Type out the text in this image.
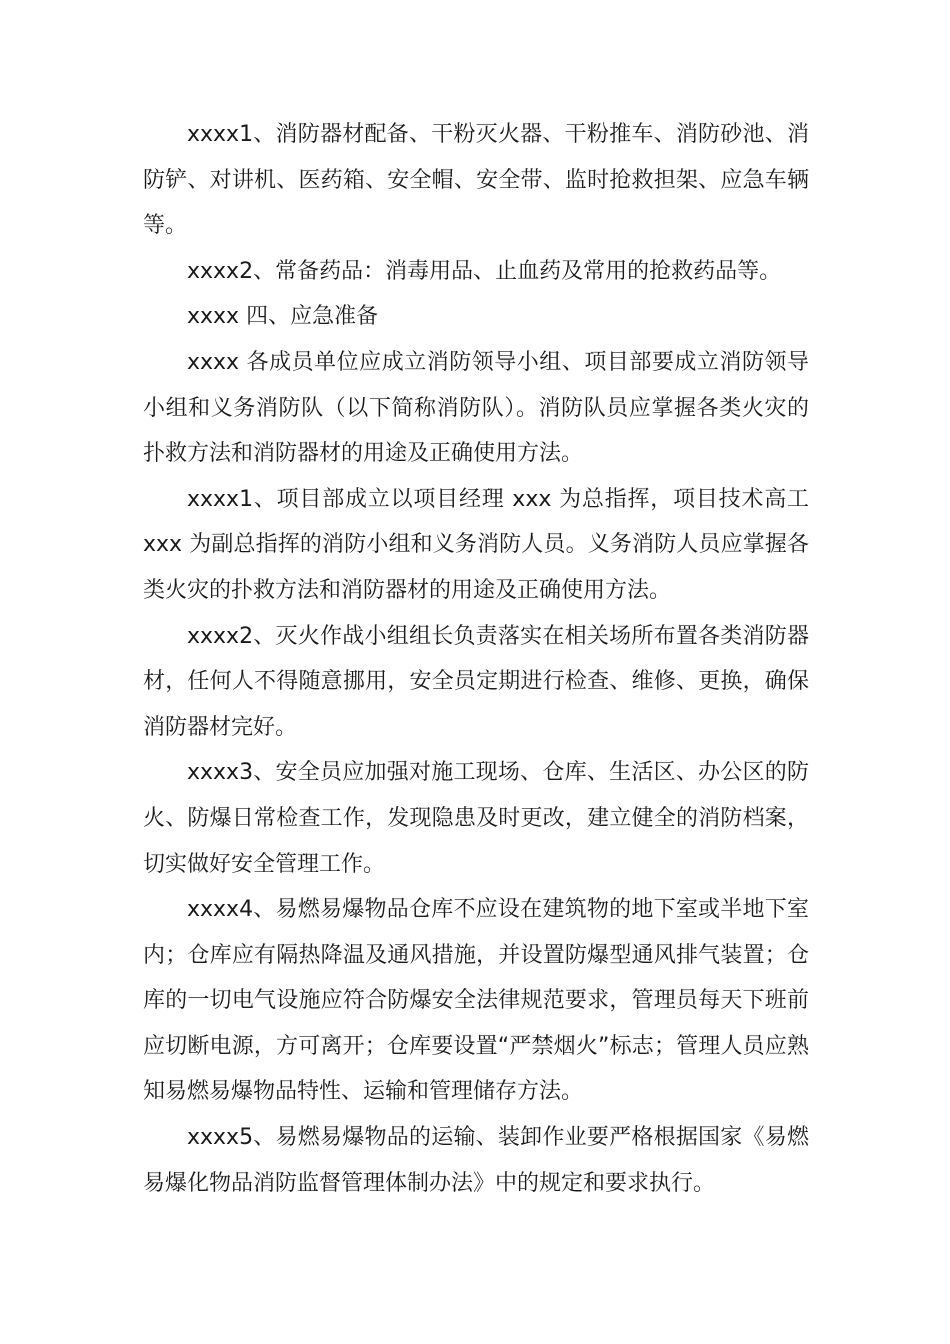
xxxx1、消防器材配备、干粉灭火器、干粉推车、消防砂池、消防铲、对讲机、医药箱、安全帽、安全带、监时抢救担架、应急车辆等。

xxxx2、常备药品：消毒用品、止血药及常用的抢救药品等。

xxxx 四、应急准备

xxxx 各成员单位应成立消防领导小组、项目部要成立消防领导小组和义务消防队（以下简称消防队）。消防队员应掌握各类火灾的扑救方法和消防器材的用途及正确使用方法。

xxxx1、项目部成立以项目经理 xxx 为总指挥，项目技术高工 xxx 为副总指挥的消防小组和义务消防人员。义务消防人员应掌握各类火灾的扑救方法和消防器材的用途及正确使用方法。

xxxx2、灭火作战小组组长负责落实在相关场所布置各类消防器材，任何人不得随意挪用，安全员定期进行检查、维修、更换，确保消防器材完好。

xxxx3、安全员应加强对施工现场、仓库、生活区、办公区的防火、防爆日常检查工作，发现隐患及时更改，建立健全的消防档案，切实做好安全管理工作。

xxxx4、易燃易爆物品仓库不应设在建筑物的地下室或半地下室内；仓库应有隔热降温及通风措施，并设置防爆型通风排气装置；仓库的一切电气设施应符合防爆安全法律规范要求，管理员每天下班前应切断电源，方可离开；仓库要设置“严禁烟火”标志；管理人员应熟知易燃易爆物品特性、运输和管理储存方法。

xxxx5、易燃易爆物品的运输、装卸作业要严格根据国家《易燃易爆化物品消防监督管理体制办法》中的规定和要求执行。
